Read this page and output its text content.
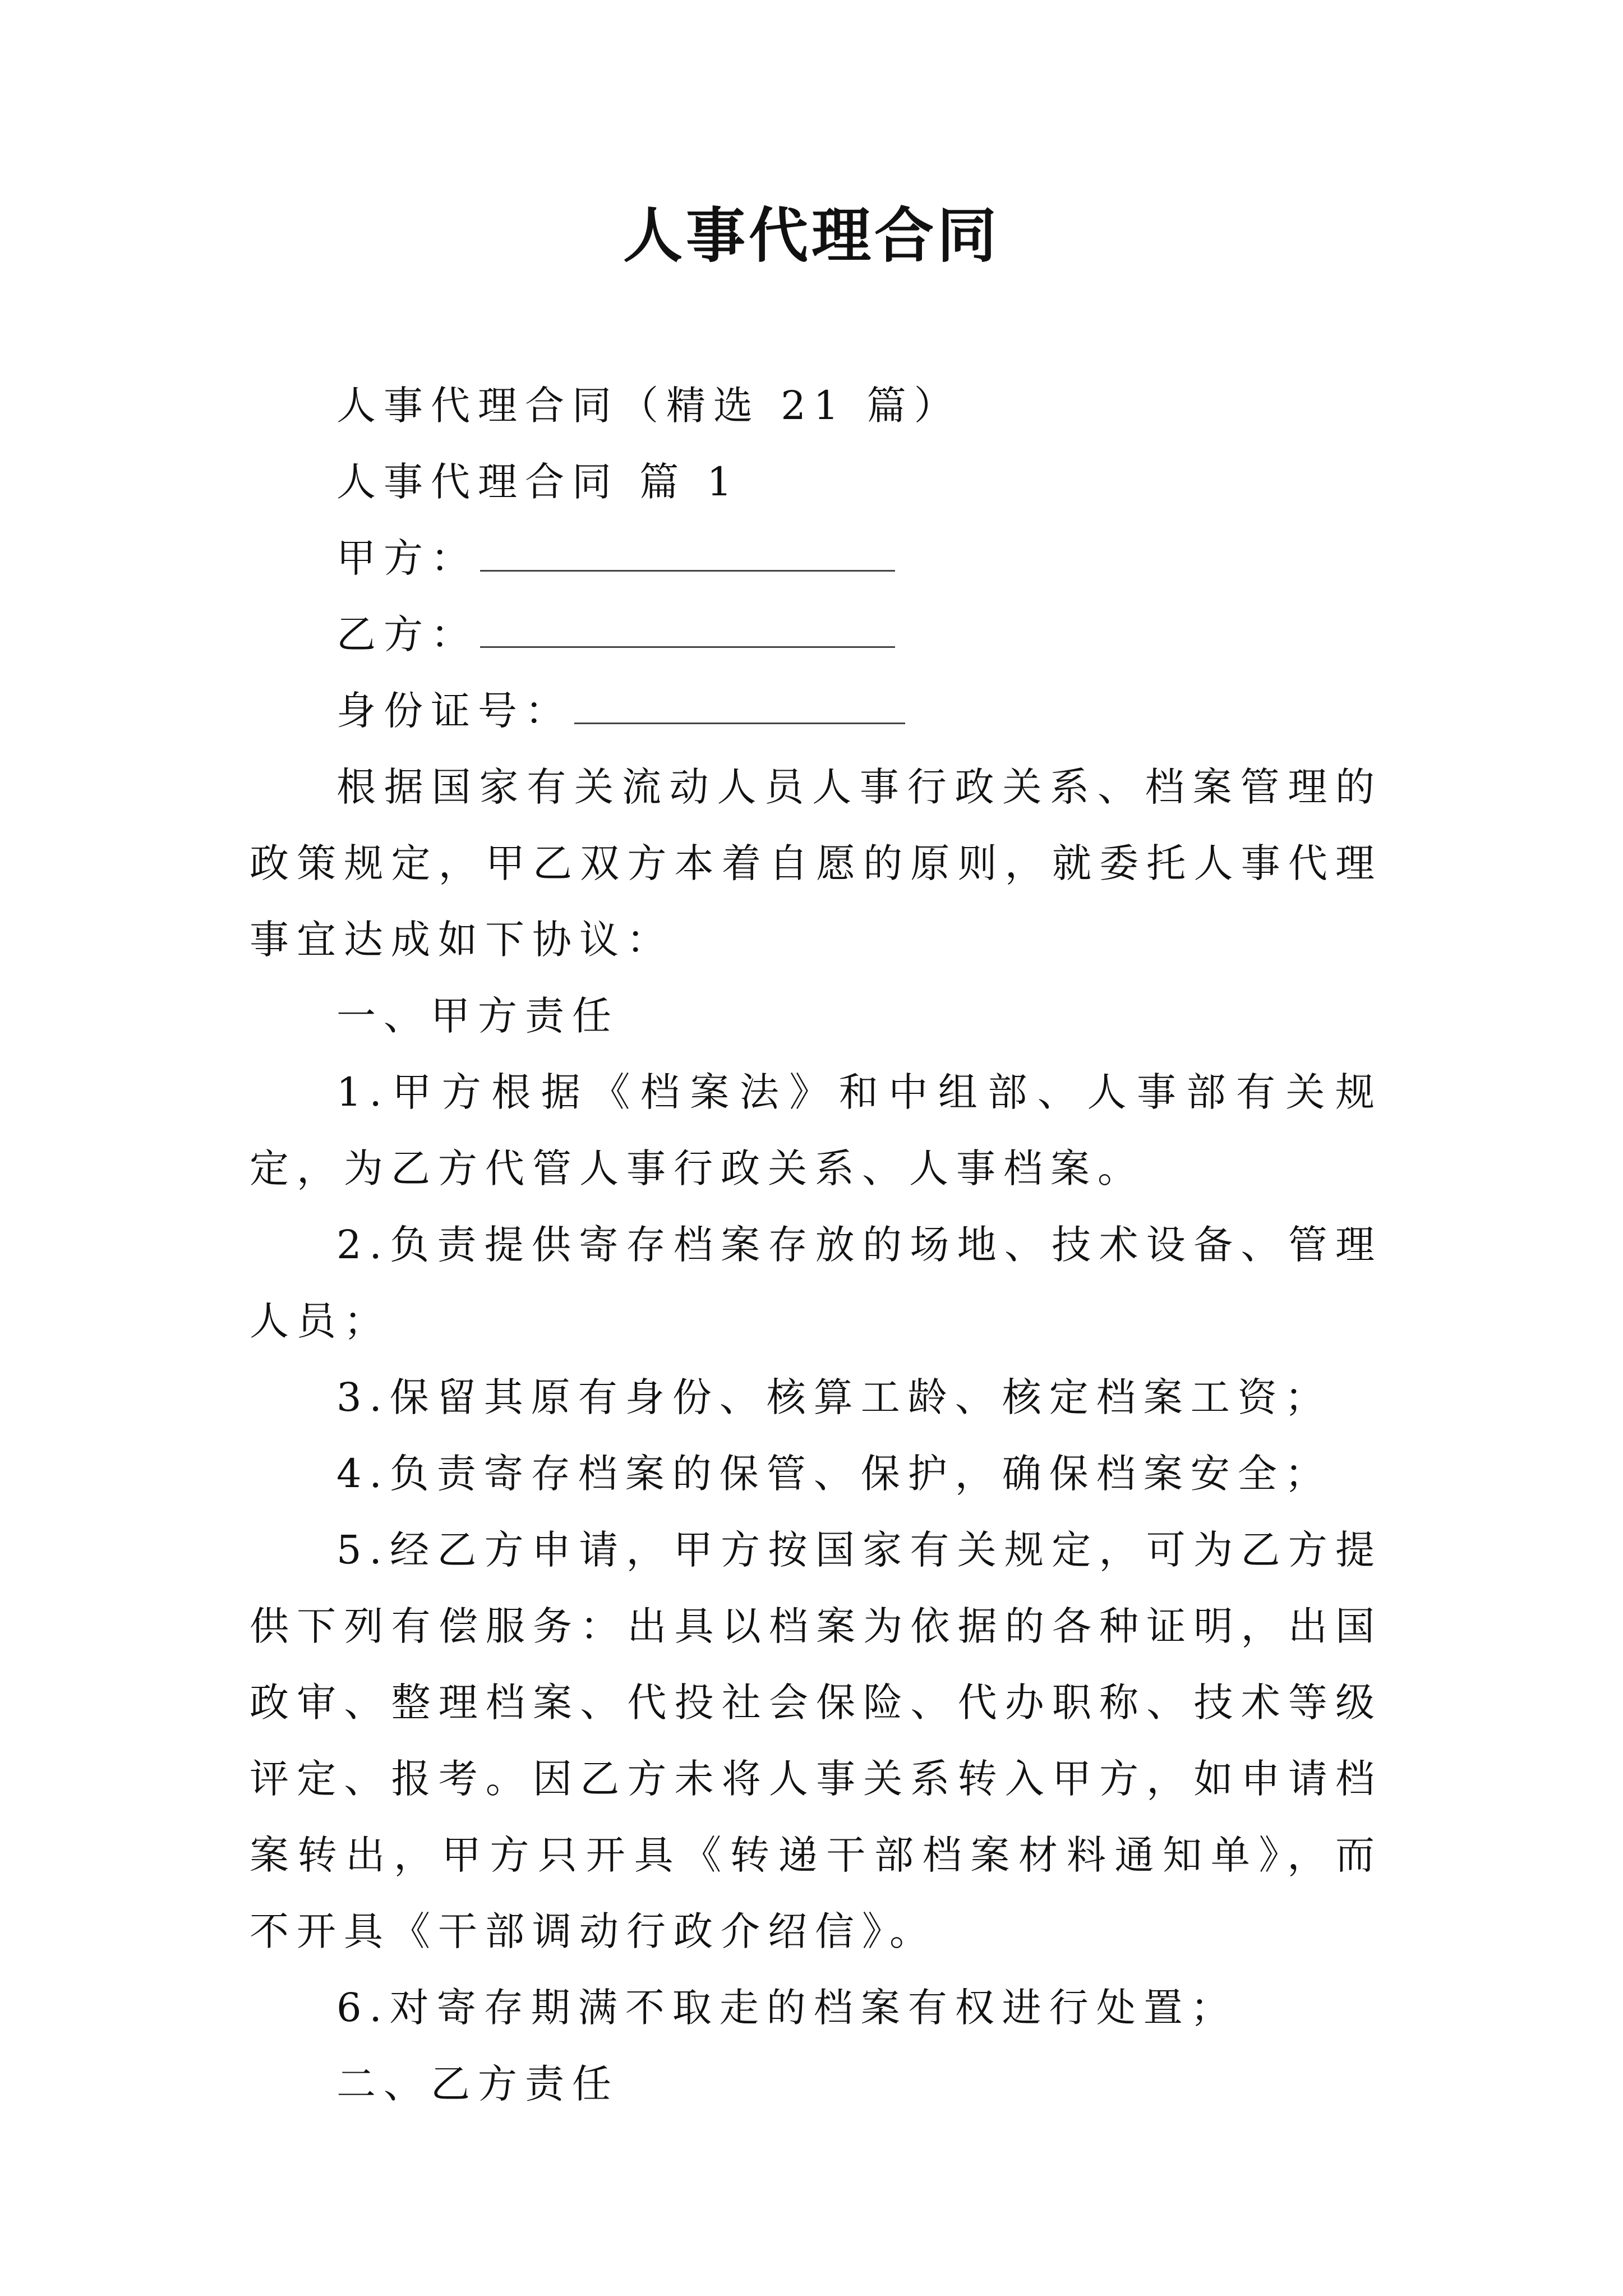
人事代理合同

人事代理合同（精选 21 篇）

人事代理合同 篇 1

甲方：

乙方：

身份证号：

根据国家有关流动人员人事行政关系、档案管理的政策规定，甲乙双方本着自愿的原则，就委托人事代理事宜达成如下协议：

一、甲方责任

1.甲方根据《档案法》和中组部、人事部有关规定，为乙方代管人事行政关系、人事档案。

2.负责提供寄存档案存放的场地、技术设备、管理人员；

3.保留其原有身份、核算工龄、核定档案工资；

4.负责寄存档案的保管、保护，确保档案安全；

5.经乙方申请，甲方按国家有关规定，可为乙方提供下列有偿服务：出具以档案为依据的各种证明，出国政审、整理档案、代投社会保险、代办职称、技术等级评定、报考。因乙方未将人事关系转入甲方，如申请档案转出，甲方只开具《转递干部档案材料通知单》，而不开具《干部调动行政介绍信》。

6.对寄存期满不取走的档案有权进行处置；

二、乙方责任
